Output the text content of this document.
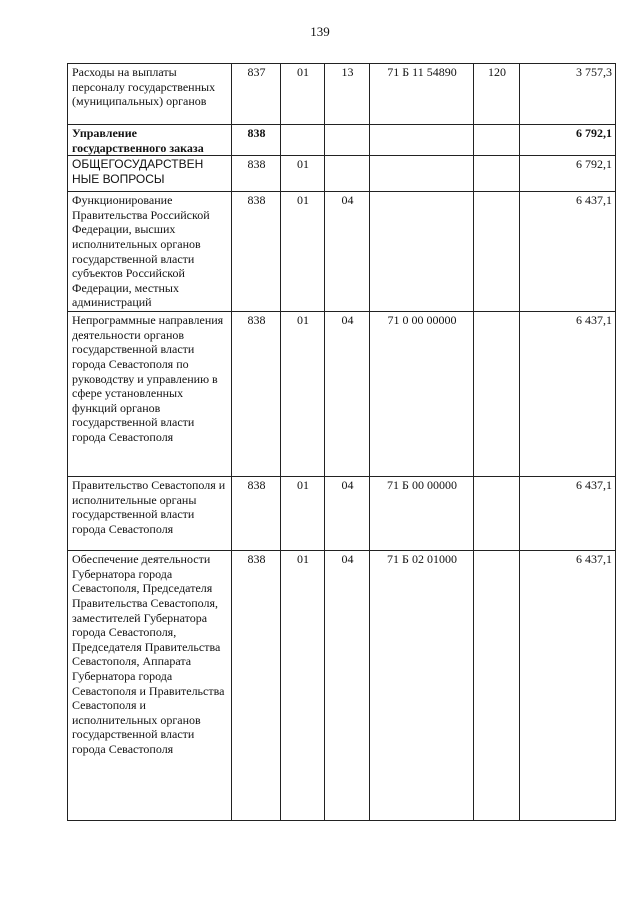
139
Расходы на выплаты персоналу государственных (муниципальных) органов	837	01	13	71 Б 11 54890	120	3 757,3
Управление государственного заказа	838					6 792,1
ОБЩЕГОСУДАРСТВЕН НЫЕ ВОПРОСЫ	838	01				6 792,1
Функционирование Правительства Российской Федерации, высших исполнительных органов государственной власти субъектов Российской Федерации, местных администраций	838	01	04			6 437,1
Непрограммные направления деятельности органов государственной власти города Севастополя по руководству и управлению в сфере установленных функций органов государственной власти города Севастополя	838	01	04	71 0 00 00000		6 437,1
Правительство Севастополя и исполнительные органы государственной власти города Севастополя	838	01	04	71 Б 00 00000		6 437,1
Обеспечение деятельности Губернатора города Севастополя, Председателя Правительства Севастополя, заместителей Губернатора города Севастополя, Председателя Правительства Севастополя, Аппарата Губернатора города Севастополя и Правительства Севастополя и исполнительных органов государственной власти города Севастополя	838	01	04	71 Б 02 01000		6 437,1
